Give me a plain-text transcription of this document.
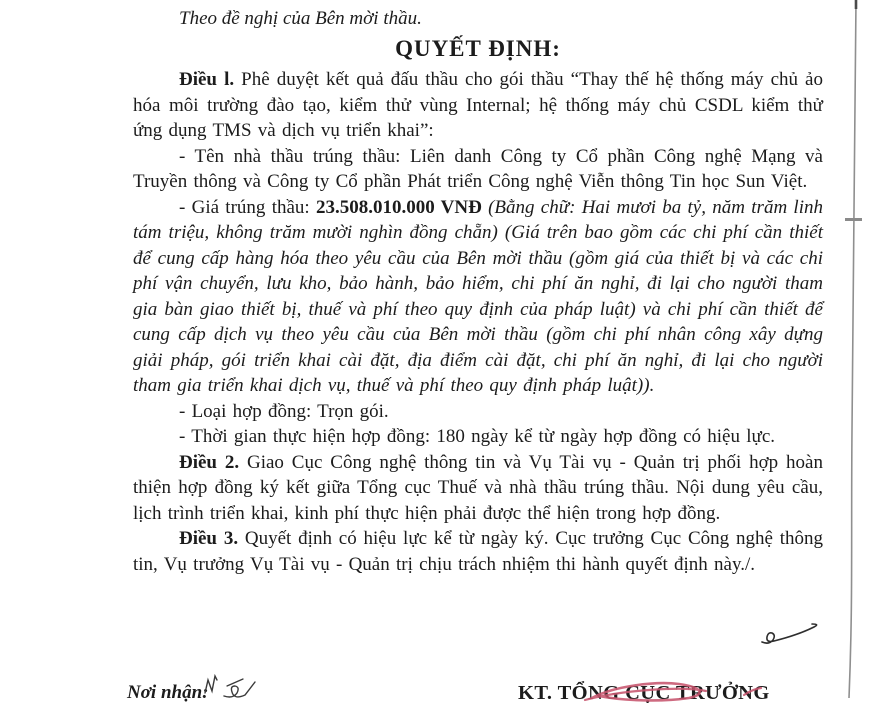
Theo đề nghị của Bên mời thầu.

QUYẾT ĐỊNH:

Điều l. Phê duyệt kết quả đấu thầu cho gói thầu “Thay thế hệ thống máy chủ ảo hóa môi trường đào tạo, kiểm thử vùng Internal; hệ thống máy chủ CSDL kiểm thử ứng dụng TMS và dịch vụ triển khai”:

- Tên nhà thầu trúng thầu: Liên danh Công ty Cổ phần Công nghệ Mạng và Truyền thông và Công ty Cổ phần Phát triển Công nghệ Viễn thông Tin học Sun Việt.

- Giá trúng thầu: 23.508.010.000 VNĐ (Bằng chữ: Hai mươi ba tỷ, năm trăm linh tám triệu, không trăm mười nghìn đồng chẵn) (Giá trên bao gồm các chi phí cần thiết để cung cấp hàng hóa theo yêu cầu của Bên mời thầu (gồm giá của thiết bị và các chi phí vận chuyển, lưu kho, bảo hành, bảo hiểm, chi phí ăn nghỉ, đi lại cho người tham gia bàn giao thiết bị, thuế và phí theo quy định của pháp luật) và chi phí cần thiết để cung cấp dịch vụ theo yêu cầu của Bên mời thầu (gồm chi phí nhân công xây dựng giải pháp, gói triển khai cài đặt, địa điểm cài đặt, chi phí ăn nghỉ, đi lại cho người tham gia triển khai dịch vụ, thuế và phí theo quy định pháp luật)).

- Loại hợp đồng: Trọn gói.

- Thời gian thực hiện hợp đồng: 180 ngày kể từ ngày hợp đồng có hiệu lực.

Điều 2. Giao Cục Công nghệ thông tin và Vụ Tài vụ - Quản trị phối hợp hoàn thiện hợp đồng ký kết giữa Tổng cục Thuế và nhà thầu trúng thầu. Nội dung yêu cầu, lịch trình triển khai, kinh phí thực hiện phải được thể hiện trong hợp đồng.

Điều 3. Quyết định có hiệu lực kể từ ngày ký. Cục trưởng Cục Công nghệ thông tin, Vụ trưởng Vụ Tài vụ - Quản trị chịu trách nhiệm thi hành quyết định này./.

Nơi nhận:	KT. TỔNG CỤC TRƯỞNG
